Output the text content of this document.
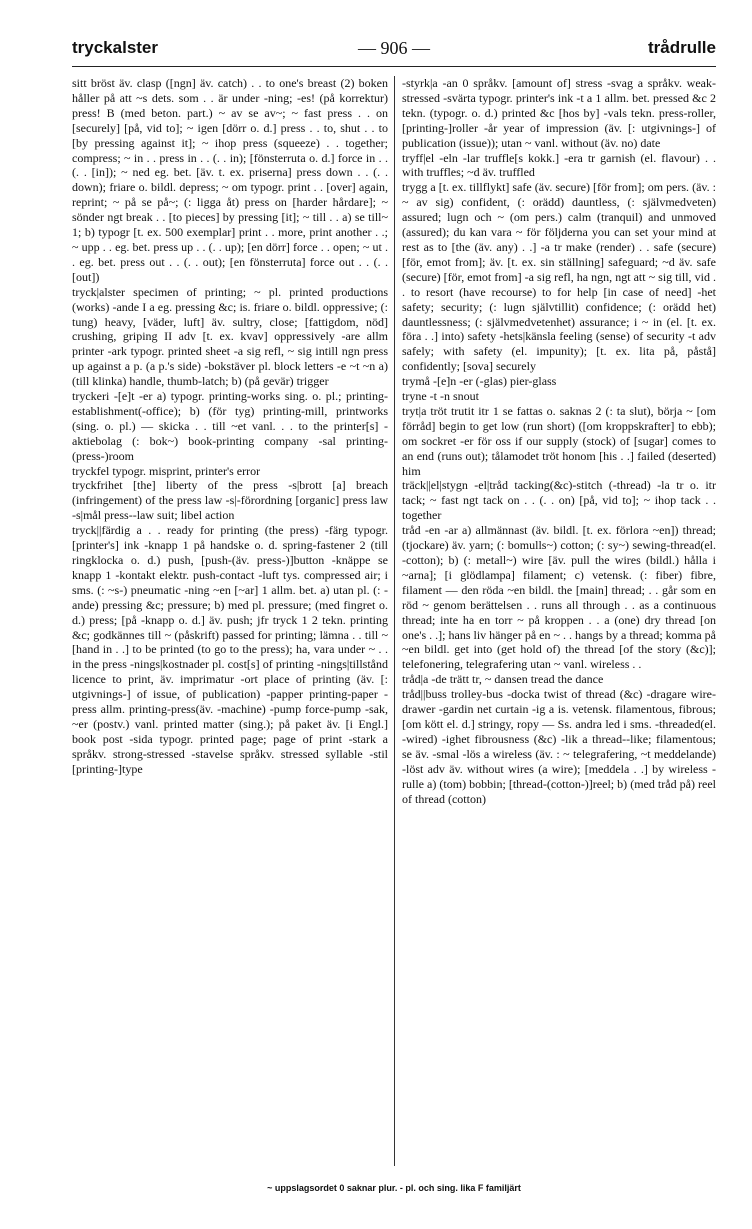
tryckalster	— 906 —	trådrulle

sitt bröst äv. clasp ([ngn] äv. catch) . . to one's breast (2) boken håller på att ~s dets. som . . är under -ning; -es! (på korrektur) press! B (med beton. part.) ~ av se av~; ~ fast press . . on [securely] [på, vid to]; ~ igen [dörr o. d.] press . . to, shut . . to [by pressing against it]; ~ ihop press (squeeze) . . together; compress; ~ in . . press in . . (. . in); [fönsterruta o. d.] force in . . (. . [in]); ~ ned eg. bet. [äv. t. ex. priserna] press down . . (. . down); friare o. bildl. depress; ~ om typogr. print . . [over] again, reprint; ~ på se på~; (: ligga åt) press on [harder hårdare]; ~ sönder ngt break . . [to pieces] by pressing [it]; ~ till . . a) se till~ 1; b) typogr [t. ex. 500 exemplar] print . . more, print another . .; ~ upp . . eg. bet. press up . . (. . up); [en dörr] force . . open; ~ ut . . eg. bet. press out . . (. . out); [en fönsterruta] force out . . (. . [out])

tryck|alster specimen of printing; ~ pl. printed productions (works) -ande I a eg. pressing &c; is. friare o. bildl. oppressive; (: tung) heavy, [väder, luft] äv. sultry, close; [fattigdom, nöd] crushing, griping II adv [t. ex. kvav] oppressively -are allm printer -ark typogr. printed sheet -a sig refl, ~ sig intill ngn press up against a p. (a p.'s side) -bokstäver pl. block letters -e ~t ~n a) (till klinka) handle, thumb-latch; b) (på gevär) trigger

tryckeri -[e]t -er a) typogr. printing-works sing. o. pl.; printing-establishment(-office); b) (för tyg) printing-mill, printworks (sing. o. pl.) — skicka . . till ~et vanl. . . to the printer[s] -aktiebolag (: bok~) book-printing company -sal printing-(press-)room

tryckfel typogr. misprint, printer's error

tryckfrihet [the] liberty of the press -s|brott [a] breach (infringement) of the press law -s|-förordning [organic] press law -s|mål press--law suit; libel action

tryck||färdig a . . ready for printing (the press) -färg typogr. [printer's] ink -knapp 1 på handske o. d. spring-fastener 2 (till ringklocka o. d.) push, [push-(äv. press-)]button -knäppe se knapp 1 -kontakt elektr. push-contact -luft tys. compressed air; i sms. (: ~s-) pneumatic -ning ~en [~ar] 1 allm. bet. a) utan pl. (: -ande) pressing &c; pressure; b) med pl. pressure; (med fingret o. d.) press; [på -knapp o. d.] äv. push; jfr tryck 1 2 tekn. printing &c; godkännes till ~ (påskrift) passed for printing; lämna . . till ~ [hand in . .] to be printed (to go to the press); ha, vara under ~ . . in the press -nings|kostnader pl. cost[s] of printing -nings|tillstånd licence to print, äv. imprimatur -ort place of printing (äv. [: utgivnings-] of issue, of publication) -papper printing-paper -press allm. printing-press(äv. -machine) -pump force-pump -sak, ~er (postv.) vanl. printed matter (sing.); på paket äv. [i Engl.] book post -sida typogr. printed page; page of print -stark a språkv. strong-stressed -stavelse språkv. stressed syllable -stil [printing-]type

-styrk|a -an 0 språkv. [amount of] stress -svag a språkv. weak-stressed -svärta typogr. printer's ink -t a 1 allm. bet. pressed &c 2 tekn. (typogr. o. d.) printed &c [hos by] -vals tekn. press-roller, [printing-]roller -år year of impression (äv. [: utgivnings-] of publication (issue)); utan ~ vanl. without (äv. no) date

tryff|el -eln -lar truffle[s kokk.] -era tr garnish (el. flavour) . . with truffles; ~d äv. truffled

trygg a [t. ex. tillflykt] safe (äv. secure) [för from]; om pers. (äv. : ~ av sig) confident, (: orädd) dauntless, (: självmedveten) assured; lugn och ~ (om pers.) calm (tranquil) and unmoved (assured); du kan vara ~ för följderna you can set your mind at rest as to [the (äv. any) . .] -a tr make (render) . . safe (secure) [för, emot from]; äv. [t. ex. sin ställning] safeguard; ~d äv. safe (secure) [för, emot from] -a sig refl, ha ngn, ngt att ~ sig till, vid . . to resort (have recourse) to for help [in case of need] -het safety; security; (: lugn självtillit) confidence; (: orädd het) dauntlessness; (: självmedvetenhet) assurance; i ~ in (el. [t. ex. föra . .] into) safety -hets|känsla feeling (sense) of security -t adv safely; with safety (el. impunity); [t. ex. lita på, påstå] confidently; [sova] securely

trymå -[e]n -er (-glas) pier-glass

tryne -t -n snout

tryt|a tröt trutit itr 1 se fattas o. saknas 2 (: ta slut), börja ~ [om förråd] begin to get low (run short) ([om kroppskrafter] to ebb); om sockret -er för oss if our supply (stock) of [sugar] comes to an end (runs out); tålamodet tröt honom [his . .] failed (deserted) him

träck||el|stygn -el|tråd tacking(&c)-stitch (-thread) -la tr o. itr tack; ~ fast ngt tack on . . (. . on) [på, vid to]; ~ ihop tack . . together

tråd -en -ar a) allmännast (äv. bildl. [t. ex. förlora ~en]) thread; (tjockare) äv. yarn; (: bomulls~) cotton; (: sy~) sewing-thread(el. -cotton); b) (: metall~) wire [äv. pull the wires (bildl.) hålla i ~arna]; [i glödlampa] filament; c) vetensk. (: fiber) fibre, filament — den röda ~en bildl. the [main] thread; . . går som en röd ~ genom berättelsen . . runs all through . . as a continuous thread; inte ha en torr ~ på kroppen . . a (one) dry thread [on one's . .]; hans liv hänger på en ~ . . hangs by a thread; komma på ~en bildl. get into (get hold of) the thread [of the story (&c)]; telefonering, telegrafering utan ~ vanl. wireless . .

tråd|a -de trätt tr, ~ dansen tread the dance

tråd||buss trolley-bus -docka twist of thread (&c) -dragare wire-drawer -gardin net curtain -ig a is. vetensk. filamentous, fibrous; [om kött el. d.] stringy, ropy — Ss. andra led i sms. -threaded(el. -wired) -ighet fibrousness (&c) -lik a thread--like; filamentous; se äv. -smal -lös a wireless (äv. : ~ telegrafering, ~t meddelande) -löst adv äv. without wires (a wire); [meddela . .] by wireless -rulle a) (tom) bobbin; [thread-(cotton-)]reel; b) (med tråd på) reel of thread (cotton)

~ uppslagsordet 0 saknar plur. - pl. och sing. lika F familjärt
